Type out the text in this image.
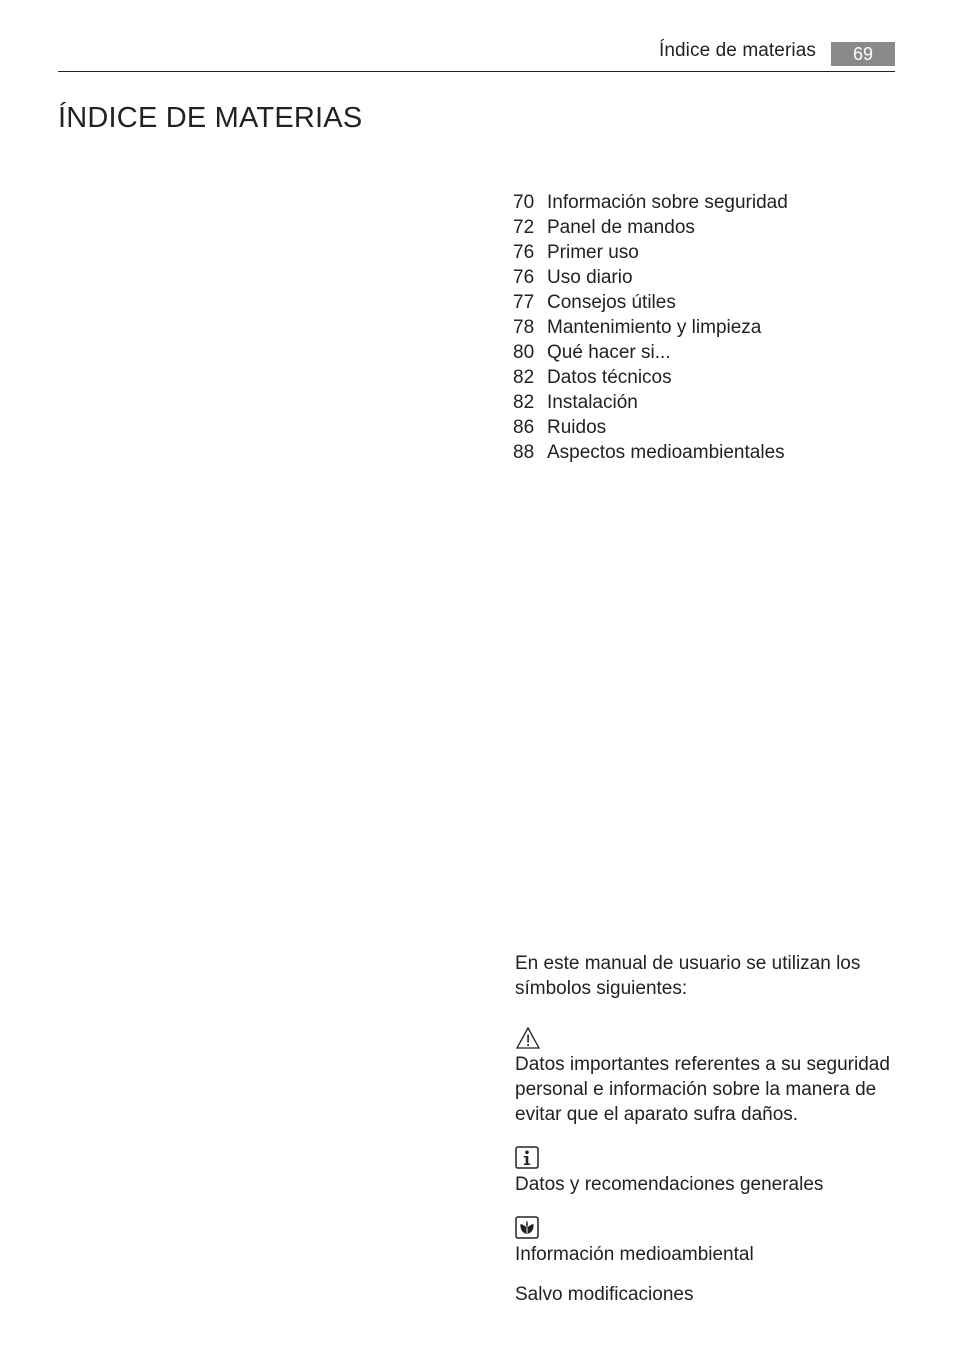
Índice de materias	69
ÍNDICE DE MATERIAS
70 Información sobre seguridad
72 Panel de mandos
76 Primer uso
76 Uso diario
77 Consejos útiles
78 Mantenimiento y limpieza
80 Qué hacer si...
82 Datos técnicos
82 Instalación
86 Ruidos
88 Aspectos medioambientales

En este manual de usuario se utilizan los símbolos siguientes:

Datos importantes referentes a su seguridad personal e información sobre la manera de evitar que el aparato sufra daños.

Datos y recomendaciones generales

Información medioambiental

Salvo modificaciones
